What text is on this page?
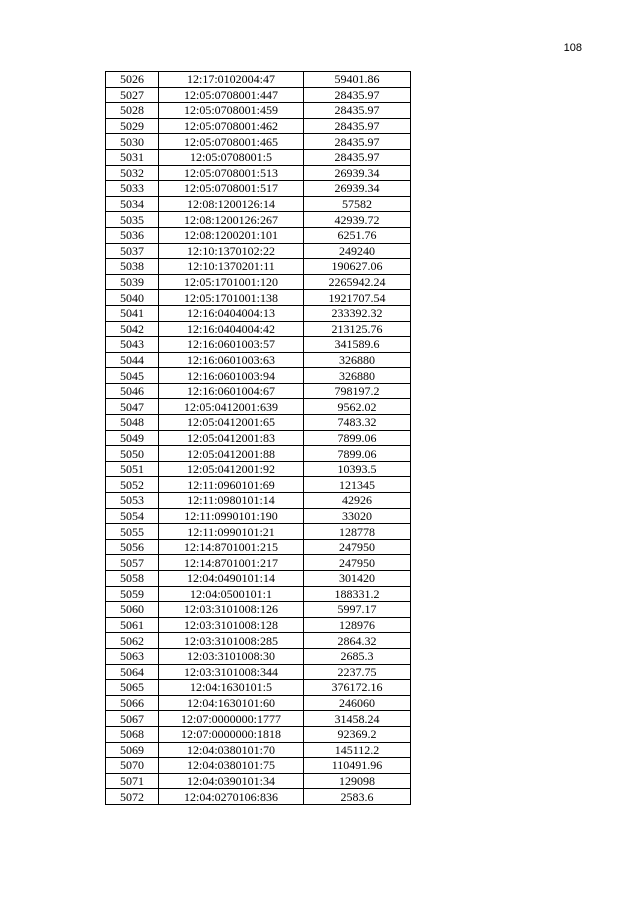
108
5026	12:17:0102004:47	59401.86
5027	12:05:0708001:447	28435.97
5028	12:05:0708001:459	28435.97
5029	12:05:0708001:462	28435.97
5030	12:05:0708001:465	28435.97
5031	12:05:0708001:5	28435.97
5032	12:05:0708001:513	26939.34
5033	12:05:0708001:517	26939.34
5034	12:08:1200126:14	57582
5035	12:08:1200126:267	42939.72
5036	12:08:1200201:101	6251.76
5037	12:10:1370102:22	249240
5038	12:10:1370201:11	190627.06
5039	12:05:1701001:120	2265942.24
5040	12:05:1701001:138	1921707.54
5041	12:16:0404004:13	233392.32
5042	12:16:0404004:42	213125.76
5043	12:16:0601003:57	341589.6
5044	12:16:0601003:63	326880
5045	12:16:0601003:94	326880
5046	12:16:0601004:67	798197.2
5047	12:05:0412001:639	9562.02
5048	12:05:0412001:65	7483.32
5049	12:05:0412001:83	7899.06
5050	12:05:0412001:88	7899.06
5051	12:05:0412001:92	10393.5
5052	12:11:0960101:69	121345
5053	12:11:0980101:14	42926
5054	12:11:0990101:190	33020
5055	12:11:0990101:21	128778
5056	12:14:8701001:215	247950
5057	12:14:8701001:217	247950
5058	12:04:0490101:14	301420
5059	12:04:0500101:1	188331.2
5060	12:03:3101008:126	5997.17
5061	12:03:3101008:128	128976
5062	12:03:3101008:285	2864.32
5063	12:03:3101008:30	2685.3
5064	12:03:3101008:344	2237.75
5065	12:04:1630101:5	376172.16
5066	12:04:1630101:60	246060
5067	12:07:0000000:1777	31458.24
5068	12:07:0000000:1818	92369.2
5069	12:04:0380101:70	145112.2
5070	12:04:0380101:75	110491.96
5071	12:04:0390101:34	129098
5072	12:04:0270106:836	2583.6
